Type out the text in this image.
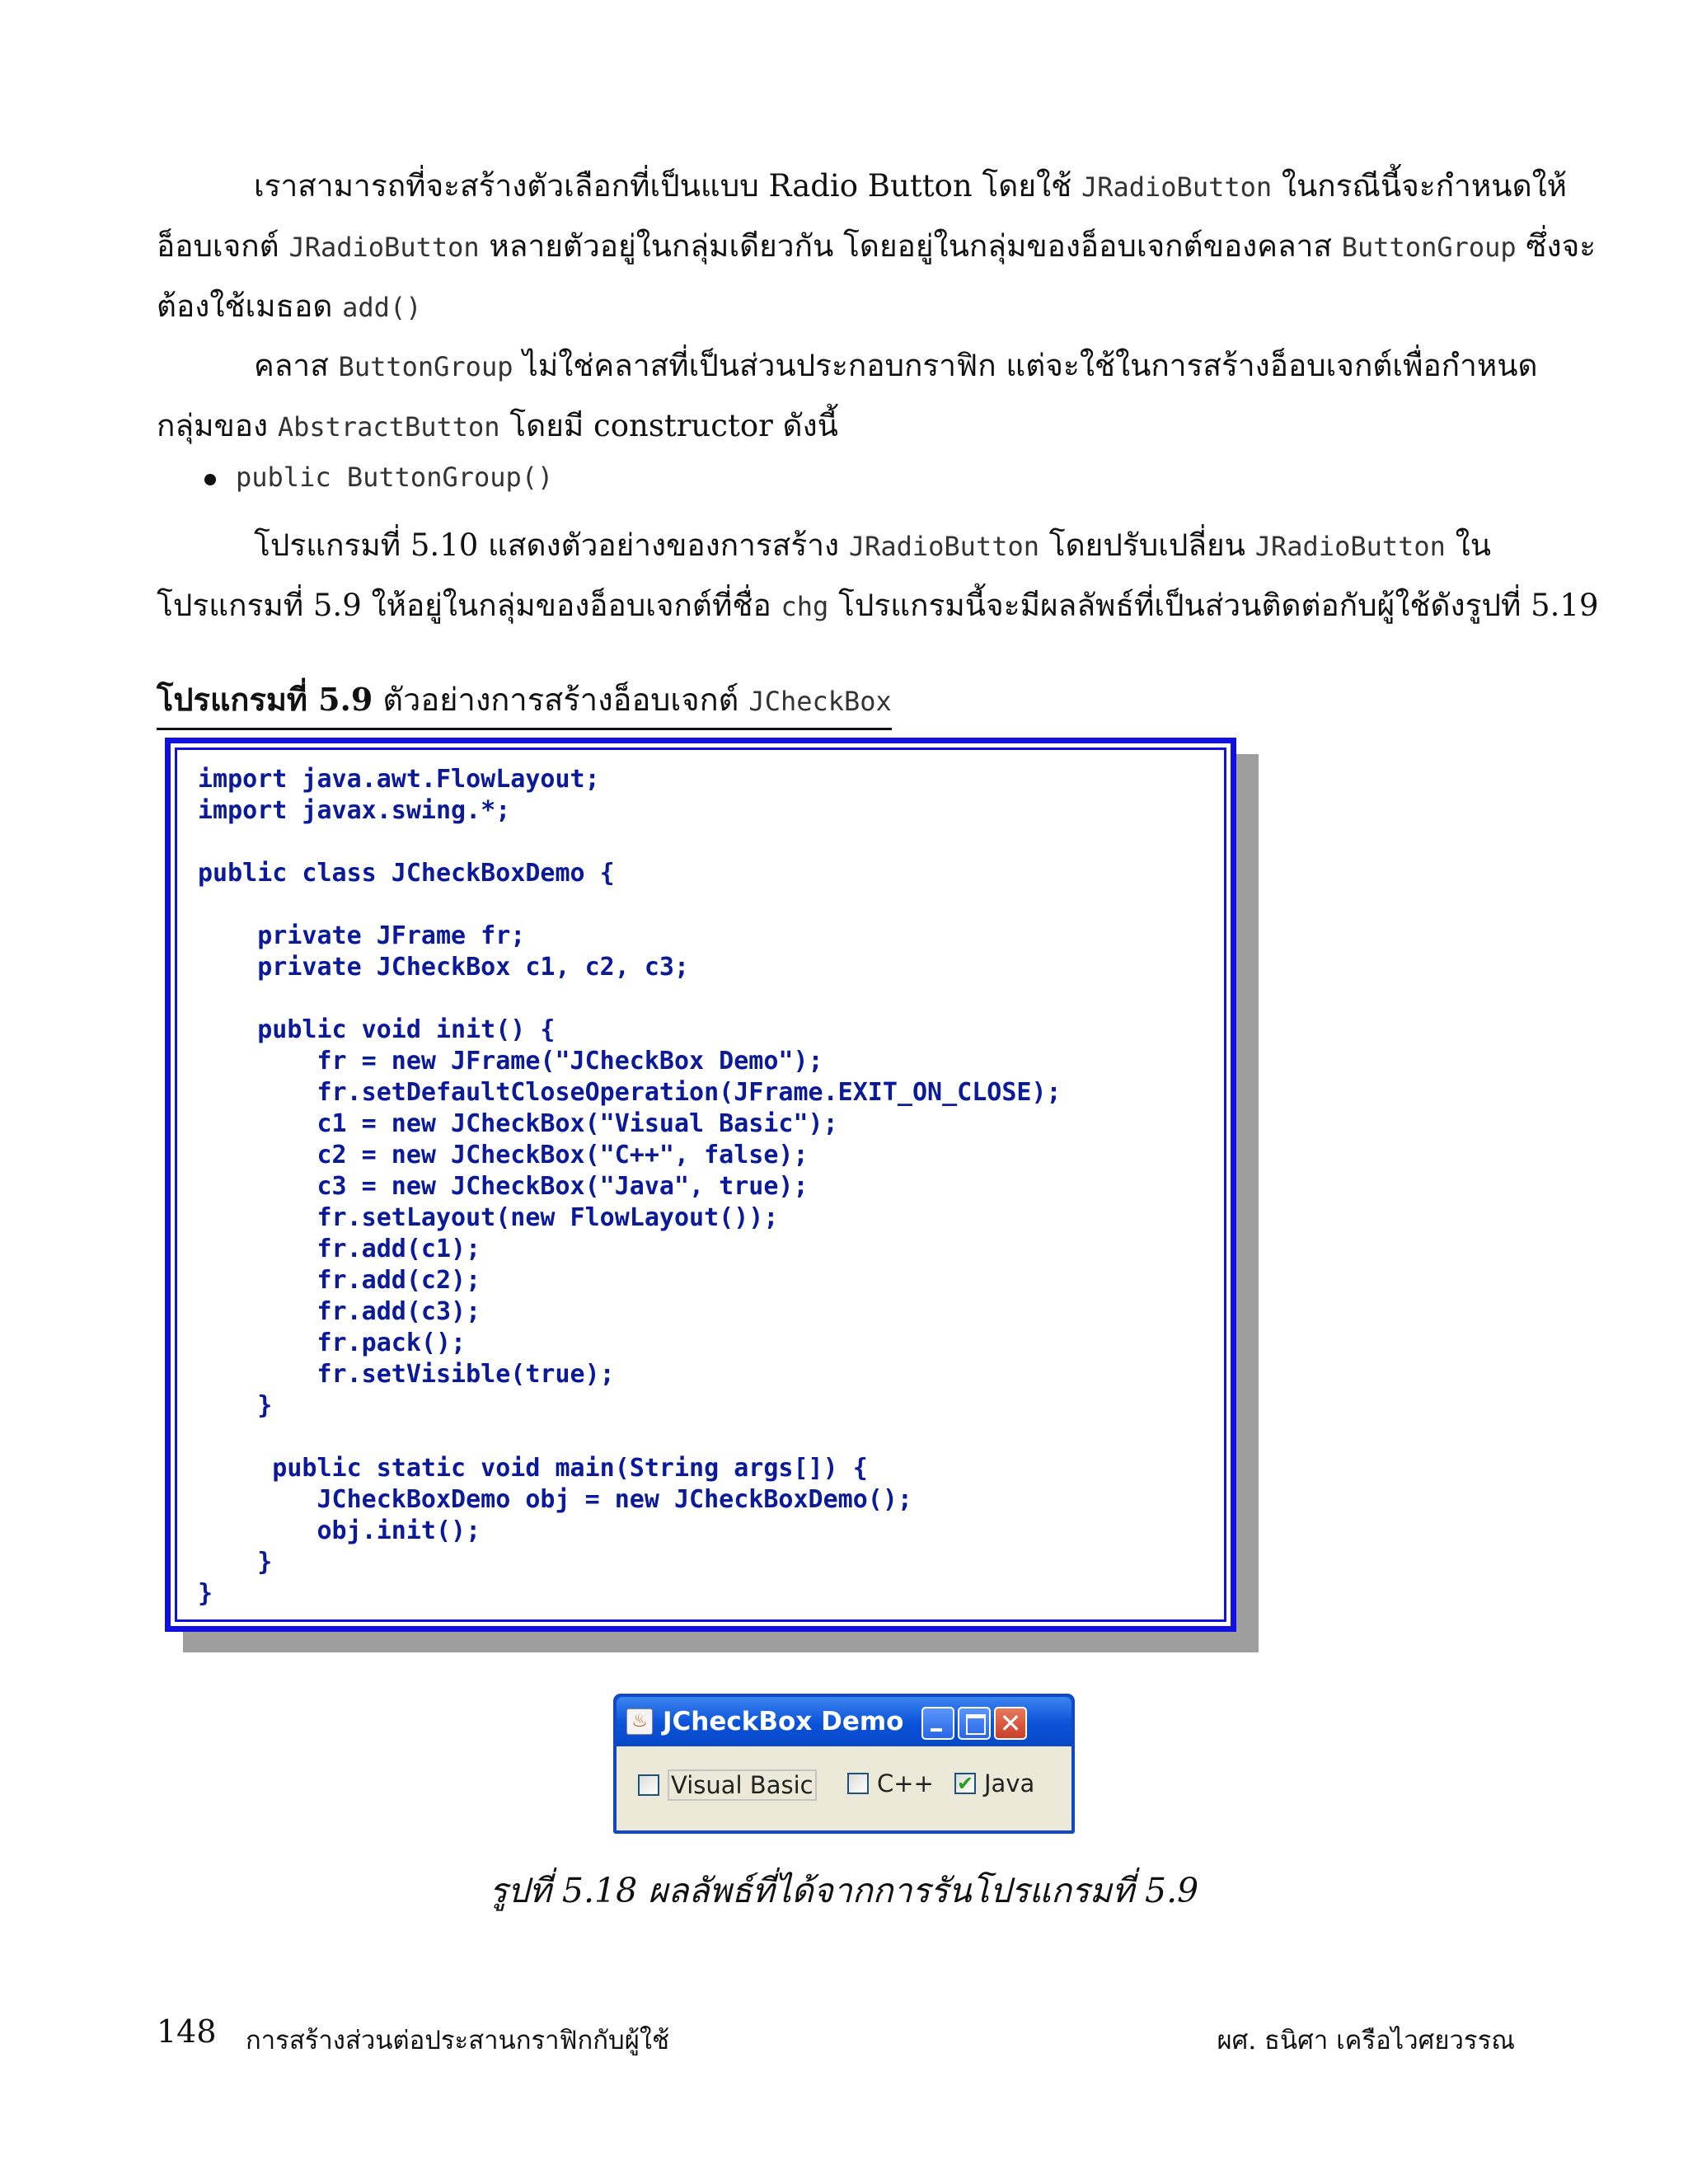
เราสามารถที่จะสร้างตัวเลือกที่เป็นแบบ Radio Button โดยใช้ JRadioButton ในกรณีนี้จะกำหนดให้
อ็อบเจกต์ JRadioButton หลายตัวอยู่ในกลุ่มเดียวกัน โดยอยู่ในกลุ่มของอ็อบเจกต์ของคลาส ButtonGroup ซึ่งจะ
ต้องใช้เมธอด add()
คลาส ButtonGroup ไม่ใช่คลาสที่เป็นส่วนประกอบกราฟิก แต่จะใช้ในการสร้างอ็อบเจกต์เพื่อกำหนด
กลุ่มของ AbstractButton โดยมี constructor ดังนี้
public ButtonGroup()
โปรแกรมที่ 5.10 แสดงตัวอย่างของการสร้าง JRadioButton โดยปรับเปลี่ยน JRadioButton ใน
โปรแกรมที่ 5.9 ให้อยู่ในกลุ่มของอ็อบเจกต์ที่ชื่อ chg โปรแกรมนี้จะมีผลลัพธ์ที่เป็นส่วนติดต่อกับผู้ใช้ดังรูปที่ 5.19
โปรแกรมที่ 5.9 ตัวอย่างการสร้างอ็อบเจกต์ JCheckBox
import java.awt.FlowLayout;
import javax.swing.*;

public class JCheckBoxDemo {

private JFrame fr;
private JCheckBox c1, c2, c3;

public void init() {
fr = new JFrame("JCheckBox Demo");
fr.setDefaultCloseOperation(JFrame.EXIT_ON_CLOSE);
c1 = new JCheckBox("Visual Basic");
c2 = new JCheckBox("C++", false);
c3 = new JCheckBox("Java", true);
fr.setLayout(new FlowLayout());
fr.add(c1);
fr.add(c2);
fr.add(c3);
fr.pack();
fr.setVisible(true);
}

public static void main(String args[]) {
JCheckBoxDemo obj = new JCheckBoxDemo();
obj.init();
}
}
♨ JCheckBox Demo	✕
Visual Basic	C++ ✔ Java
รูปที่ 5.18 ผลลัพธ์ที่ได้จากการรันโปรแกรมที่ 5.9
148 การสร้างส่วนต่อประสานกราฟิกกับผู้ใช้	ผศ. ธนิศา เครือไวศยวรรณ
